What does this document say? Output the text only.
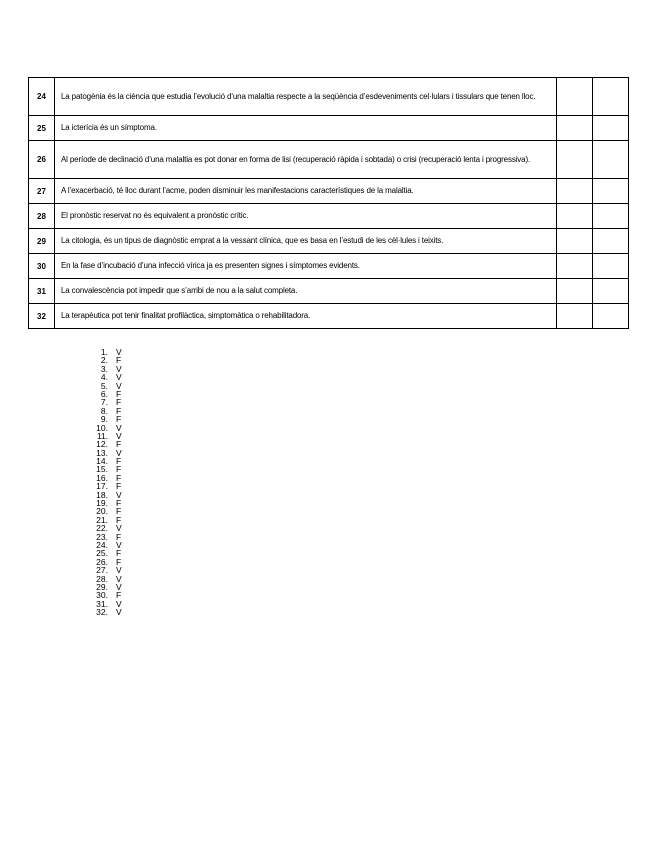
24	La patogènia és la ciència que estudia l’evolució d’una malaltia respecte a la seqüència d’esdeveniments cel·lulars i tissulars que tenen lloc.		
25	La icterícia és un símptoma.		
26	Al període de declinació d’una malaltia es pot donar en forma de lisi (recuperació ràpida i sobtada) o crisi (recuperació lenta i progressiva).		
27	A l’exacerbació, té lloc durant l’acme, poden disminuir les manifestacions característiques de la malaltia.		
28	El pronòstic reservat no és equivalent a pronòstic crític.		
29	La citologia, és un tipus de diagnòstic emprat a la vessant clínica, que es basa en l’estudi de les cèl·lules i teixits.		
30	En la fase d’incubació d’una infecció vírica ja es presenten signes i símptomes evidents.		
31	La convalescència pot impedir que s’arribi de nou a la salut completa.		
32	La terapèutica pot tenir finalitat profilàctica, simptomàtica o rehabilitadora.		
1. V
2. F
3. V
4. V
5. V
6. F
7. F
8. F
9. F
10. V
11. V
12. F
13. V
14. F
15. F
16. F
17. F
18. V
19. F
20. F
21. F
22. V
23. F
24. V
25. F
26. F
27. V
28. V
29. V
30. F
31. V
32. V
